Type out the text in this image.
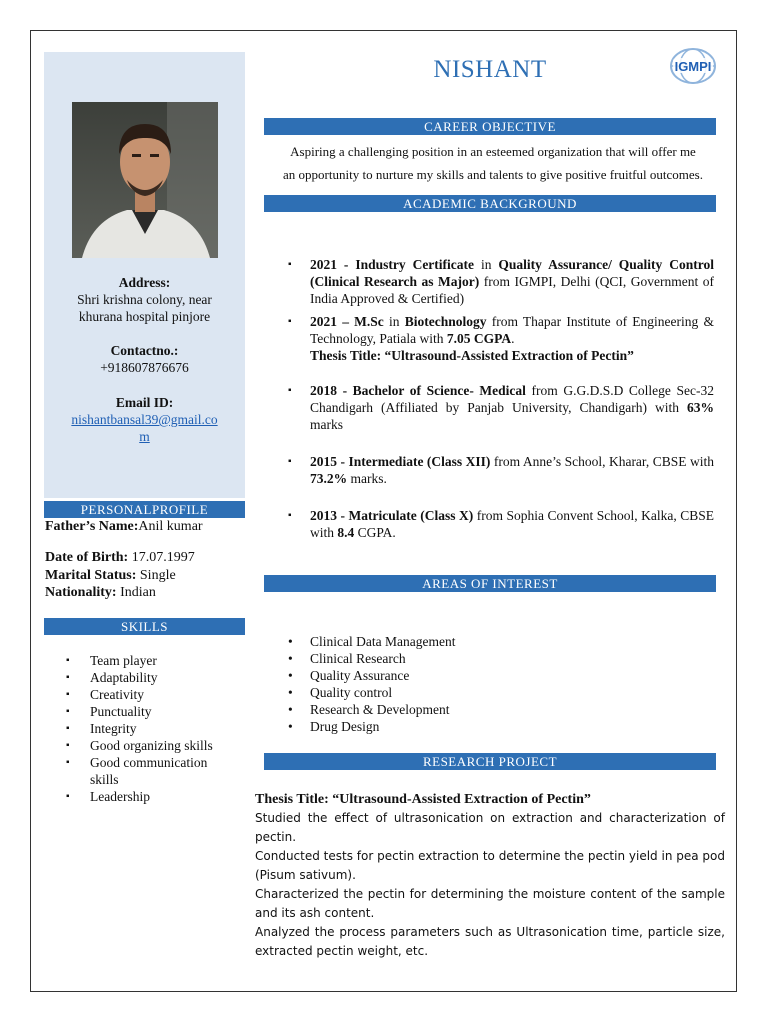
Address:
Shri krishna colony, near
khurana hospital pinjore
Contactno.:
+918607876676
Email ID:
nishantbansal39@gmail.co
m
PERSONALPROFILE
Father’s Name:Anil kumar
Date of Birth: 17.07.1997
Marital Status: Single
Nationality: Indian
SKILLS
▪ Team player
▪ Adaptability
▪ Creativity
▪ Punctuality
▪ Integrity
▪ Good organizing skills
▪ Good communication skills
▪ Leadership
NISHANT	IGMPI
CAREER OBJECTIVE
Aspiring a challenging position in an esteemed organization that will offer me
an opportunity to nurture my skills and talents to give positive fruitful outcomes.
ACADEMIC BACKGROUND
▪ 2021 - Industry Certificate in Quality Assurance/ Quality Control (Clinical Research as Major) from IGMPI, Delhi (QCI, Government of India Approved & Certified)
▪ 2021 – M.Sc in Biotechnology from Thapar Institute of Engineering & Technology, Patiala with 7.05 CGPA.
Thesis Title: “Ultrasound-Assisted Extraction of Pectin”
▪ 2018 - Bachelor of Science- Medical from G.G.D.S.D College Sec-32 Chandigarh (Affiliated by Panjab University, Chandigarh) with 63% marks
▪ 2015 - Intermediate (Class XII) from Anne’s School, Kharar, CBSE with 73.2% marks.
▪ 2013 - Matriculate (Class X) from Sophia Convent School, Kalka, CBSE with 8.4 CGPA.
AREAS OF INTEREST
• Clinical Data Management
• Clinical Research
• Quality Assurance
• Quality control
• Research & Development
• Drug Design
RESEARCH PROJECT
Thesis Title: “Ultrasound-Assisted Extraction of Pectin”
Studied the effect of ultrasonication on extraction and characterization of pectin.
Conducted tests for pectin extraction to determine the pectin yield in pea pod (Pisum sativum).
Characterized the pectin for determining the moisture content of the sample and its ash content.
Analyzed the process parameters such as Ultrasonication time, particle size, extracted pectin weight, etc.
